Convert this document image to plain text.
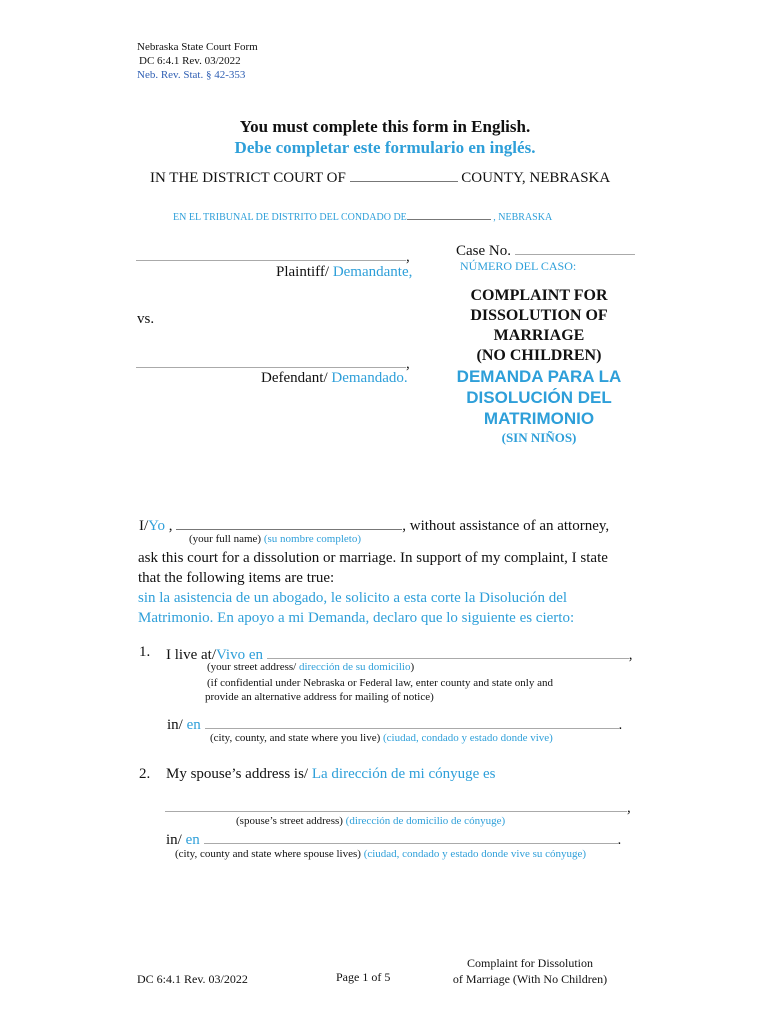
Nebraska State Court Form
DC 6:4.1 Rev. 03/2022
Neb. Rev. Stat. § 42-353
You must complete this form in English.
Debe completar este formulario en inglés.
IN THE DISTRICT COURT OF	COUNTY, NEBRASKA
EN EL TRIBUNAL DE DISTRITO DEL CONDADO DE	, NEBRASKA
,
Plaintiff/ Demandante,
Case No.
NÚMERO DEL CASO:
vs.
,
Defendant/ Demandado.
COMPLAINT FOR
DISSOLUTION OF
MARRIAGE
(NO CHILDREN)
DEMANDA PARA LA
DISOLUCIÓN DEL
MATRIMONIO
(SIN NIÑOS)
I/Yo ,	, without assistance of an attorney,
(your full name) (su nombre completo)
ask this court for a dissolution or marriage. In support of my complaint, I state
that the following items are true:
sin la asistencia de un abogado, le solicito a esta corte la Disolución del
Matrimonio. En apoyo a mi Demanda, declaro que lo siguiente es cierto:
1. I live at/Vivo en	,
(your street address/ dirección de su domicilio)
(if confidential under Nebraska or Federal law, enter county and state only and
provide an alternative address for mailing of notice)
in/ en	.
(city, county, and state where you live) (ciudad, condado y estado donde vive)
2. My spouse’s address is/ La dirección de mi cónyuge es
,
(spouse’s street address) (dirección de domicilio de cónyuge)
in/ en	.
(city, county and state where spouse lives) (ciudad, condado y estado donde vive su cónyuge)
DC 6:4.1 Rev. 03/2022	Page 1 of 5
Complaint for Dissolution
of Marriage (With No Children)
